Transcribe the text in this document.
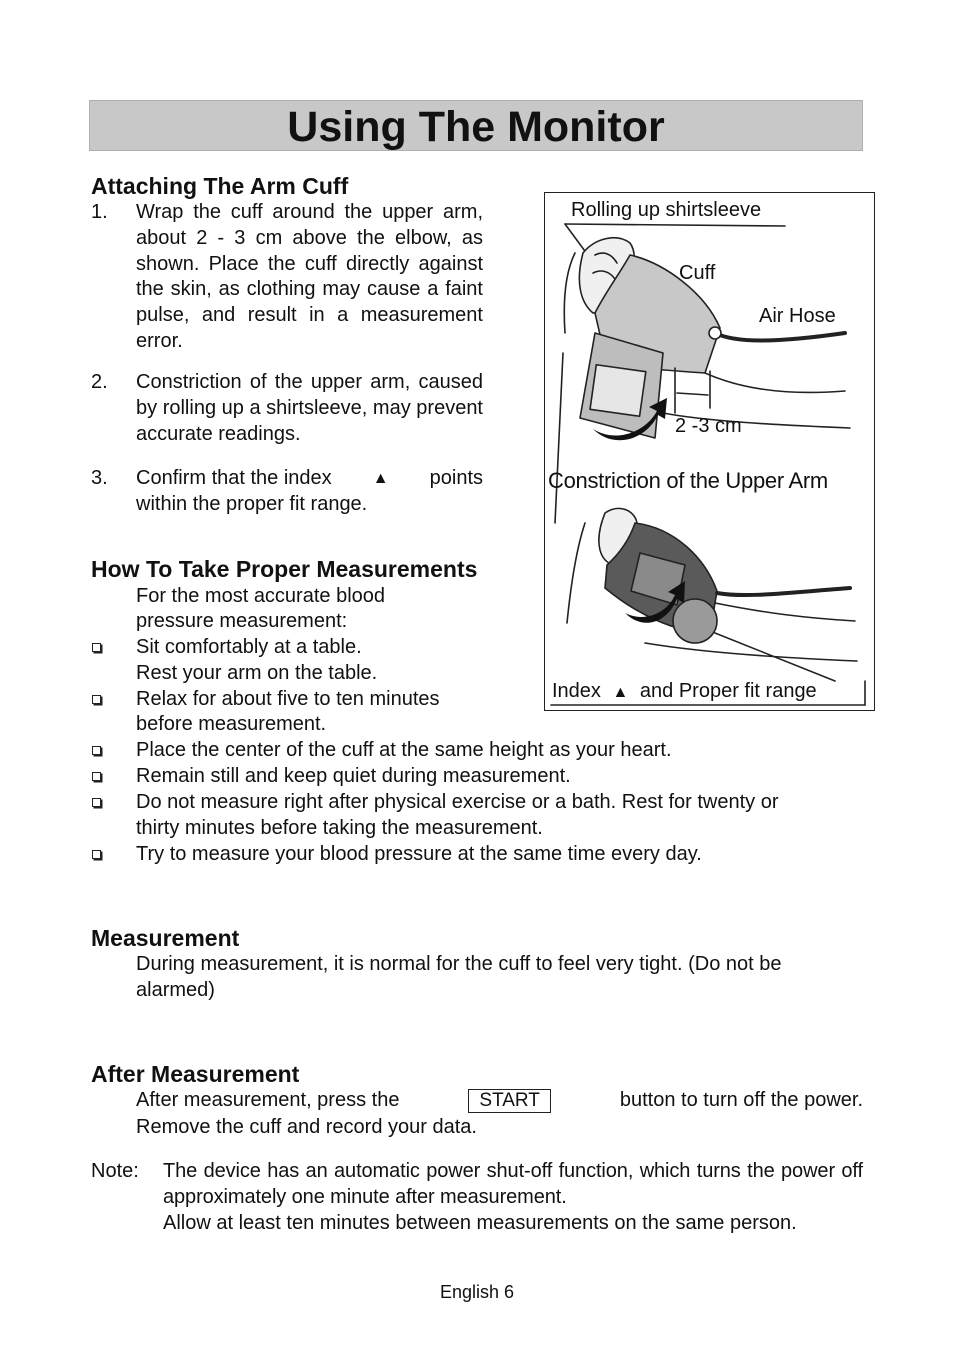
Using The Monitor
Attaching The Arm Cuff
1. Wrap the cuff around the upper arm, about 2 - 3 cm above the elbow, as shown. Place the cuff directly against the skin, as clothing may cause a faint pulse, and result in a measurement error.
2. Constriction of the upper arm, caused by rolling up a shirtsleeve, may prevent accurate readings.
3. Confirm that the index	▲ points
within the proper fit range.
Rolling up shirtsleeve
Cuff
Air Hose
2 -3 cm
Constriction of the Upper Arm
Index ▲ and Proper fit range
How To Take Proper Measurements
For the most accurate blood
pressure measurement:
Sit comfortably at a table.
Rest your arm on the table.
Relax for about five to ten minutes
before measurement.
Place the center of the cuff at the same height as your heart.
Remain still and keep quiet during measurement.
Do not measure right after physical exercise or a bath. Rest for twenty or
thirty minutes before taking the measurement.
Try to measure your blood pressure at the same time every day.
Measurement
During measurement, it is normal for the cuff to feel very tight. (Do not be alarmed)
After Measurement
After measurement, press the	START	button to turn off the power.
Remove the cuff and record your data.
Note: The device has an automatic power shut-off function, which turns the power off approximately one minute after measurement.
Allow at least ten minutes between measurements on the same person.
English 6
